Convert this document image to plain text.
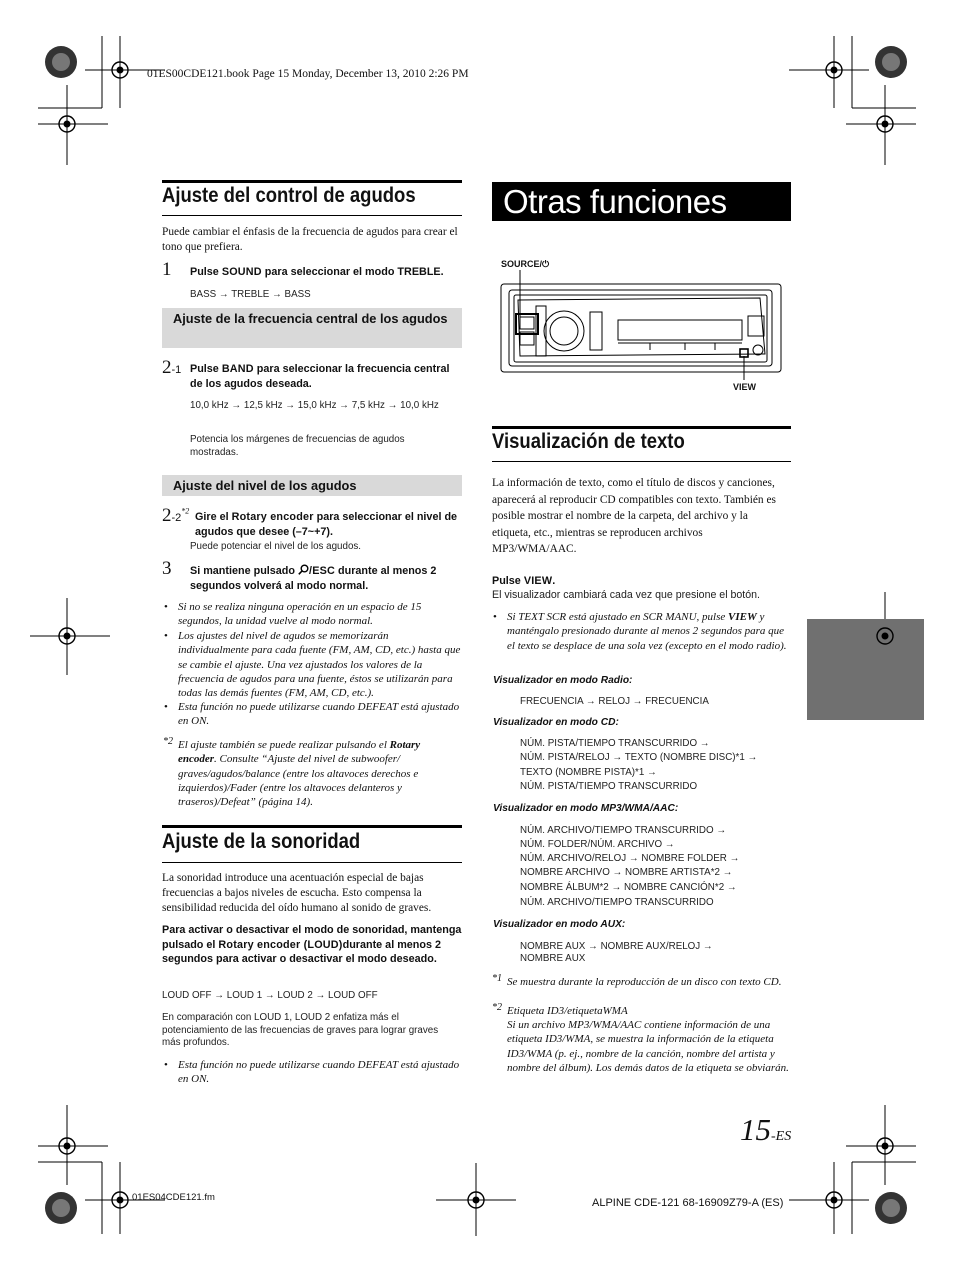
01ES00CDE121.book Page 15 Monday, December 13, 2010 2:26 PM
Ajuste del control de agudos
Puede cambiar el énfasis de la frecuencia de agudos para crear el tono que prefiera.
1 Pulse SOUND para seleccionar el modo TREBLE.
BASS → TREBLE → BASS
Ajuste de la frecuencia central de los agudos
2-1 Pulse BAND para seleccionar la frecuencia central de los agudos deseada.
10,0 kHz → 12,5 kHz → 15,0 kHz → 7,5 kHz → 10,0 kHz
Potencia los márgenes de frecuencias de agudos mostradas.
Ajuste del nivel de los agudos
2-2$^{*2}$ Gire el Rotary encoder para seleccionar el nivel de agudos que desee (–7~+7).
Puede potenciar el nivel de los agudos.
3 Si mantiene pulsado /ESC durante al menos 2 segundos volverá al modo normal.
• Si no se realiza ninguna operación en un espacio de 15 segundos, la unidad vuelve al modo normal.
• Los ajustes del nivel de agudos se memorizarán individualmente para cada fuente (FM, AM, CD, etc.) hasta que se cambie el ajuste. Una vez ajustados los valores de la frecuencia de agudos para una fuente, éstos se utilizarán para todas las demás fuentes (FM, AM, CD, etc.).
• Esta función no puede utilizarse cuando DEFEAT está ajustado en ON.
*2 El ajuste también se puede realizar pulsando el Rotary encoder. Consulte “Ajuste del nivel de subwoofer/ graves/agudos/balance (entre los altavoces derechos e izquierdos)/Fader (entre los altavoces delanteros y traseros)/Defeat” (página 14).
Ajuste de la sonoridad
La sonoridad introduce una acentuación especial de bajas frecuencias a bajos niveles de escucha. Esto compensa la sensibilidad reducida del oído humano al sonido de graves.
Para activar o desactivar el modo de sonoridad, mantenga pulsado el Rotary encoder (LOUD)durante al menos 2 segundos para activar o desactivar el modo deseado.
LOUD OFF → LOUD 1 → LOUD 2 → LOUD OFF
En comparación con LOUD 1, LOUD 2 enfatiza más el potenciamiento de las frecuencias de graves para lograr graves más profundos.
• Esta función no puede utilizarse cuando DEFEAT está ajustado en ON.
Otras funciones
SOURCE/⏻
VIEW
Visualización de texto
La información de texto, como el título de discos y canciones, aparecerá al reproducir CD compatibles con texto. También es posible mostrar el nombre de la carpeta, del archivo y la etiqueta, etc., mientras se reproducen archivos MP3/WMA/AAC.
Pulse VIEW.
El visualizador cambiará cada vez que presione el botón.
• Si TEXT SCR está ajustado en SCR MANU, pulse VIEW y manténgalo presionado durante al menos 2 segundos para que el texto se desplace de una sola vez (excepto en el modo radio).
Visualizador en modo Radio:
FRECUENCIA → RELOJ → FRECUENCIA
Visualizador en modo CD:
NÚM. PISTA/TIEMPO TRANSCURRIDO →
NÚM. PISTA/RELOJ → TEXTO (NOMBRE DISC)*1 →
TEXTO (NOMBRE PISTA)*1 →
NÚM. PISTA/TIEMPO TRANSCURRIDO
Visualizador en modo MP3/WMA/AAC:
NÚM. ARCHIVO/TIEMPO TRANSCURRIDO →
NÚM. FOLDER/NÚM. ARCHIVO →
NÚM. ARCHIVO/RELOJ → NOMBRE FOLDER →
NOMBRE ARCHIVO → NOMBRE ARTISTA*2 →
NOMBRE ÁLBUM*2 → NOMBRE CANCIÓN*2 →
NÚM. ARCHIVO/TIEMPO TRANSCURRIDO
Visualizador en modo AUX:
NOMBRE AUX → NOMBRE AUX/RELOJ →
NOMBRE AUX
*1 Se muestra durante la reproducción de un disco con texto CD.
*2 Etiqueta ID3/etiquetaWMA
Si un archivo MP3/WMA/AAC contiene información de una etiqueta ID3/WMA, se muestra la información de la etiqueta ID3/WMA (p. ej., nombre de la canción, nombre del artista y nombre del álbum). Los demás datos de la etiqueta se obviarán.
15-ES
01ES04CDE121.fm	ALPINE CDE-121 68-16909Z79-A (ES)
